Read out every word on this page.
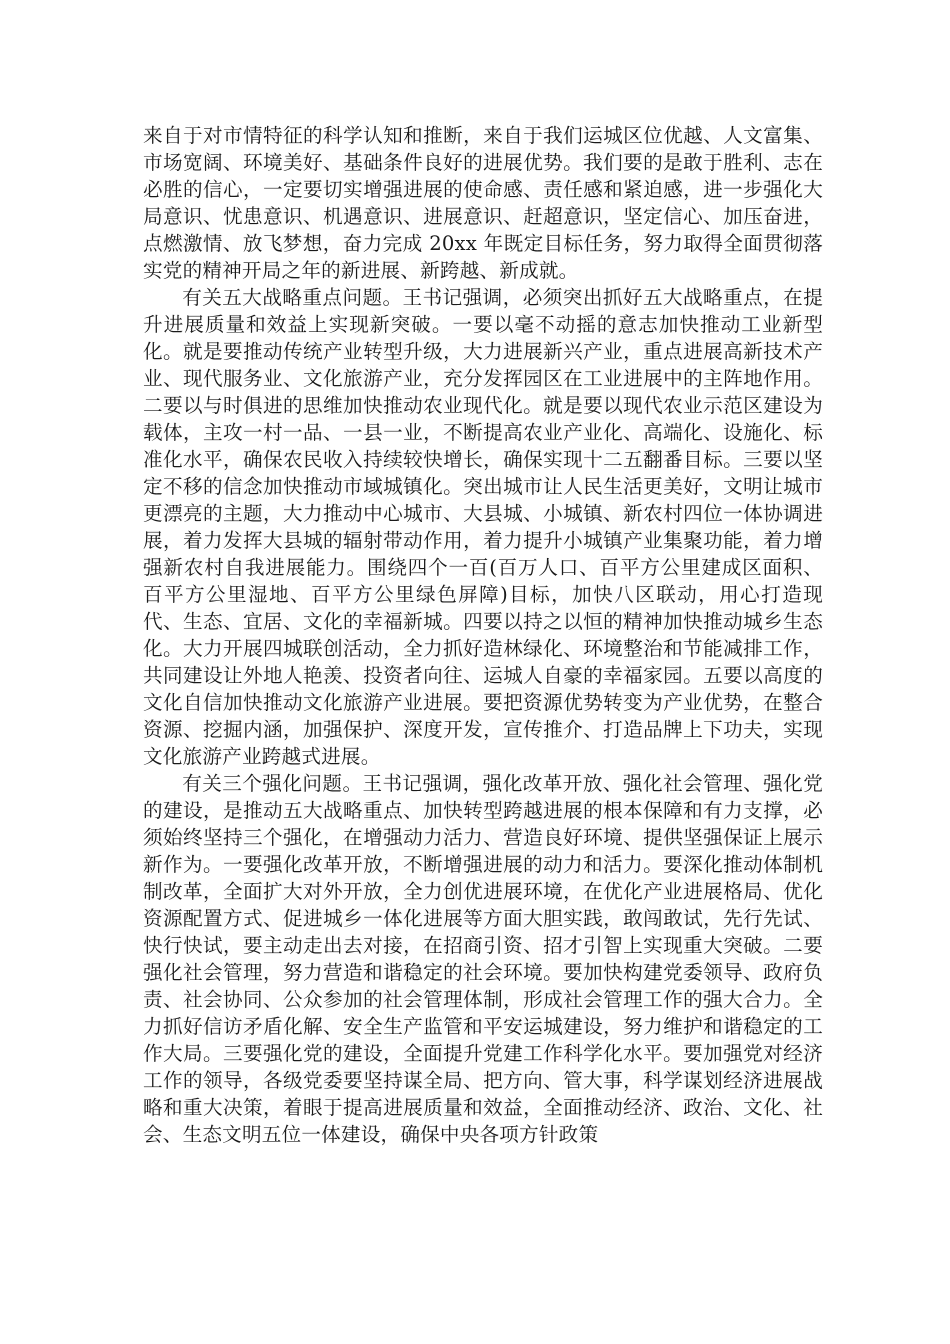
来自于对市情特征的科学认知和推断，来自于我们运城区位优越、人文富集、市场宽阔、环境美好、基础条件良好的进展优势。我们要的是敢于胜利、志在必胜的信心，一定要切实增强进展的使命感、责任感和紧迫感，进一步强化大局意识、忧患意识、机遇意识、进展意识、赶超意识，坚定信心、加压奋进，点燃激情、放飞梦想，奋力完成 20xx 年既定目标任务，努力取得全面贯彻落实党的精神开局之年的新进展、新跨越、新成就。

有关五大战略重点问题。王书记强调，必须突出抓好五大战略重点，在提升进展质量和效益上实现新突破。一要以毫不动摇的意志加快推动工业新型化。就是要推动传统产业转型升级，大力进展新兴产业，重点进展高新技术产业、现代服务业、文化旅游产业，充分发挥园区在工业进展中的主阵地作用。二要以与时俱进的思维加快推动农业现代化。就是要以现代农业示范区建设为载体，主攻一村一品、一县一业，不断提高农业产业化、高端化、设施化、标准化水平，确保农民收入持续较快增长，确保实现十二五翻番目标。三要以坚定不移的信念加快推动市域城镇化。突出城市让人民生活更美好，文明让城市更漂亮的主题，大力推动中心城市、大县城、小城镇、新农村四位一体协调进展，着力发挥大县城的辐射带动作用，着力提升小城镇产业集聚功能，着力增强新农村自我进展能力。围绕四个一百(百万人口、百平方公里建成区面积、百平方公里湿地、百平方公里绿色屏障)目标，加快八区联动，用心打造现代、生态、宜居、文化的幸福新城。四要以持之以恒的精神加快推动城乡生态化。大力开展四城联创活动，全力抓好造林绿化、环境整治和节能减排工作，共同建设让外地人艳羡、投资者向往、运城人自豪的幸福家园。五要以高度的文化自信加快推动文化旅游产业进展。要把资源优势转变为产业优势，在整合资源、挖掘内涵，加强保护、深度开发，宣传推介、打造品牌上下功夫，实现文化旅游产业跨越式进展。

有关三个强化问题。王书记强调，强化改革开放、强化社会管理、强化党的建设，是推动五大战略重点、加快转型跨越进展的根本保障和有力支撑，必须始终坚持三个强化，在增强动力活力、营造良好环境、提供坚强保证上展示新作为。一要强化改革开放，不断增强进展的动力和活力。要深化推动体制机制改革，全面扩大对外开放，全力创优进展环境，在优化产业进展格局、优化资源配置方式、促进城乡一体化进展等方面大胆实践，敢闯敢试，先行先试、快行快试，要主动走出去对接，在招商引资、招才引智上实现重大突破。二要强化社会管理，努力营造和谐稳定的社会环境。要加快构建党委领导、政府负责、社会协同、公众参加的社会管理体制，形成社会管理工作的强大合力。全力抓好信访矛盾化解、安全生产监管和平安运城建设，努力维护和谐稳定的工作大局。三要强化党的建设，全面提升党建工作科学化水平。要加强党对经济工作的领导，各级党委要坚持谋全局、把方向、管大事，科学谋划经济进展战略和重大决策，着眼于提高进展质量和效益，全面推动经济、政治、文化、社会、生态文明五位一体建设，确保中央各项方针政策
